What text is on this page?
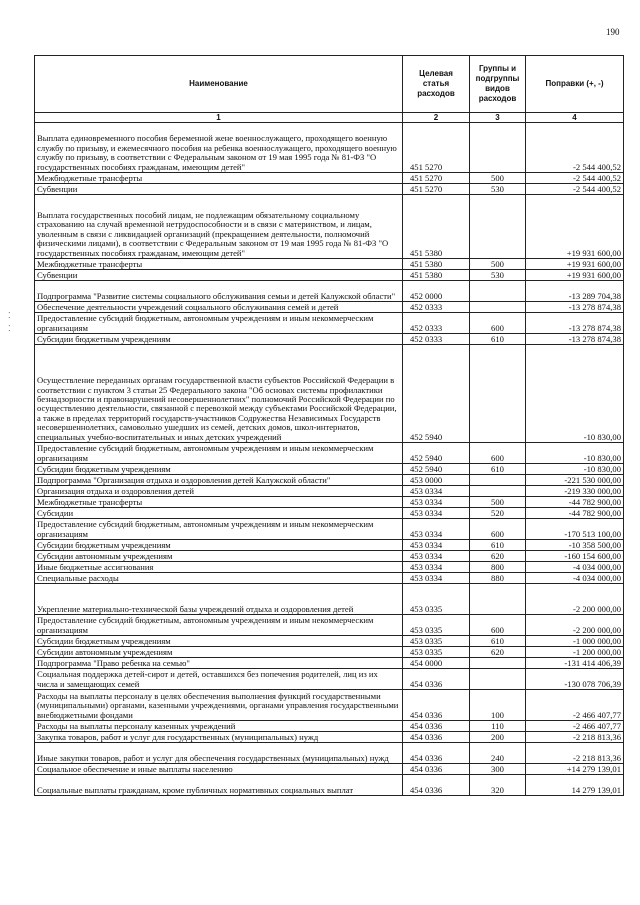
190
⁚
⁚
Наименование	Целевая статья расходов	Группы и подгруппы видов расходов	Поправки (+, -)
1	2	3	4
Выплата единовременного пособия беременной жене военнослужащего, проходящего военную службу по призыву, и ежемесячного пособия на ребенка военнослужащего, проходящего военную службу по призыву, в соответствии с Федеральным законом от 19 мая 1995 года № 81-ФЗ "О государственных пособиях гражданам, имеющим детей"	451 5270		-2 544 400,52
Межбюджетные трансферты	451 5270	500	-2 544 400,52
Субвенции	451 5270	530	-2 544 400,52
Выплата государственных пособий лицам, не подлежащим обязательному социальному страхованию на случай временной нетрудоспособности и в связи с материнством, и лицам, уволенным в связи с ликвидацией организаций (прекращением деятельности, полномочий физическими лицами), в соответствии с Федеральным законом от 19 мая 1995 года № 81-ФЗ "О государственных пособиях гражданам, имеющим детей"	451 5380		+19 931 600,00
Межбюджетные трансферты	451 5380	500	+19 931 600,00
Субвенции	451 5380	530	+19 931 600,00
Подпрограмма "Развитие системы социального обслуживания семьи и детей Калужской области"	452 0000		-13 289 704,38
Обеспечение деятельности учреждений социального обслуживания семей и детей	452 0333		-13 278 874,38
Предоставление субсидий бюджетным, автономным учреждениям и иным некоммерческим организациям	452 0333	600	-13 278 874,38
Субсидии бюджетным учреждениям	452 0333	610	-13 278 874,38
Осуществление переданных органам государственной власти субъектов Российской Федерации в соответствии с пунктом 3 статьи 25 Федерального закона "Об основах системы профилактики безнадзорности и правонарушений несовершеннолетних" полномочий Российской Федерации по осуществлению деятельности, связанной с перевозкой между субъектами Российской Федерации, а также в пределах территорий государств-участников Содружества Независимых Государств несовершеннолетних, самовольно ушедших из семей, детских домов, школ-интернатов, специальных учебно-воспитательных и иных детских учреждений	452 5940		-10 830,00
Предоставление субсидий бюджетным, автономным учреждениям и иным некоммерческим организациям	452 5940	600	-10 830,00
Субсидии бюджетным учреждениям	452 5940	610	-10 830,00
Подпрограмма "Организация отдыха и оздоровления детей Калужской области"	453 0000		-221 530 000,00
Организация отдыха и оздоровления детей	453 0334		-219 330 000,00
Межбюджетные трансферты	453 0334	500	-44 782 900,00
Субсидии	453 0334	520	-44 782 900,00
Предоставление субсидий бюджетным, автономным учреждениям и иным некоммерческим организациям	453 0334	600	-170 513 100,00
Субсидии бюджетным учреждениям	453 0334	610	-10 358 500,00
Субсидии автономным учреждениям	453 0334	620	-160 154 600,00
Иные бюджетные ассигнования	453 0334	800	-4 034 000,00
Специальные расходы	453 0334	880	-4 034 000,00
Укрепление материально-технической базы учреждений отдыха и оздоровления детей	453 0335		-2 200 000,00
Предоставление субсидий бюджетным, автономным учреждениям и иным некоммерческим организациям	453 0335	600	-2 200 000,00
Субсидии бюджетным учреждениям	453 0335	610	-1 000 000,00
Субсидии автономным учреждениям	453 0335	620	-1 200 000,00
Подпрограмма "Право ребенка на семью"	454 0000		-131 414 406,39
Социальная поддержка детей-сирот и детей, оставшихся без попечения родителей, лиц из их числа и замещающих семей	454 0336		-130 078 706,39
Расходы на выплаты персоналу в целях обеспечения выполнения функций государственными (муниципальными) органами, казенными учреждениями, органами управления государственными внебюджетными фондами	454 0336	100	-2 466 407,77
Расходы на выплаты персоналу казенных учреждений	454 0336	110	-2 466 407,77
Закупка товаров, работ и услуг для государственных (муниципальных) нужд	454 0336	200	-2 218 813,36
Иные закупки товаров, работ и услуг для обеспечения государственных (муниципальных) нужд	454 0336	240	-2 218 813,36
Социальное обеспечение и иные выплаты населению	454 0336	300	+14 279 139,01
Социальные выплаты гражданам, кроме публичных нормативных социальных выплат	454 0336	320	14 279 139,01
